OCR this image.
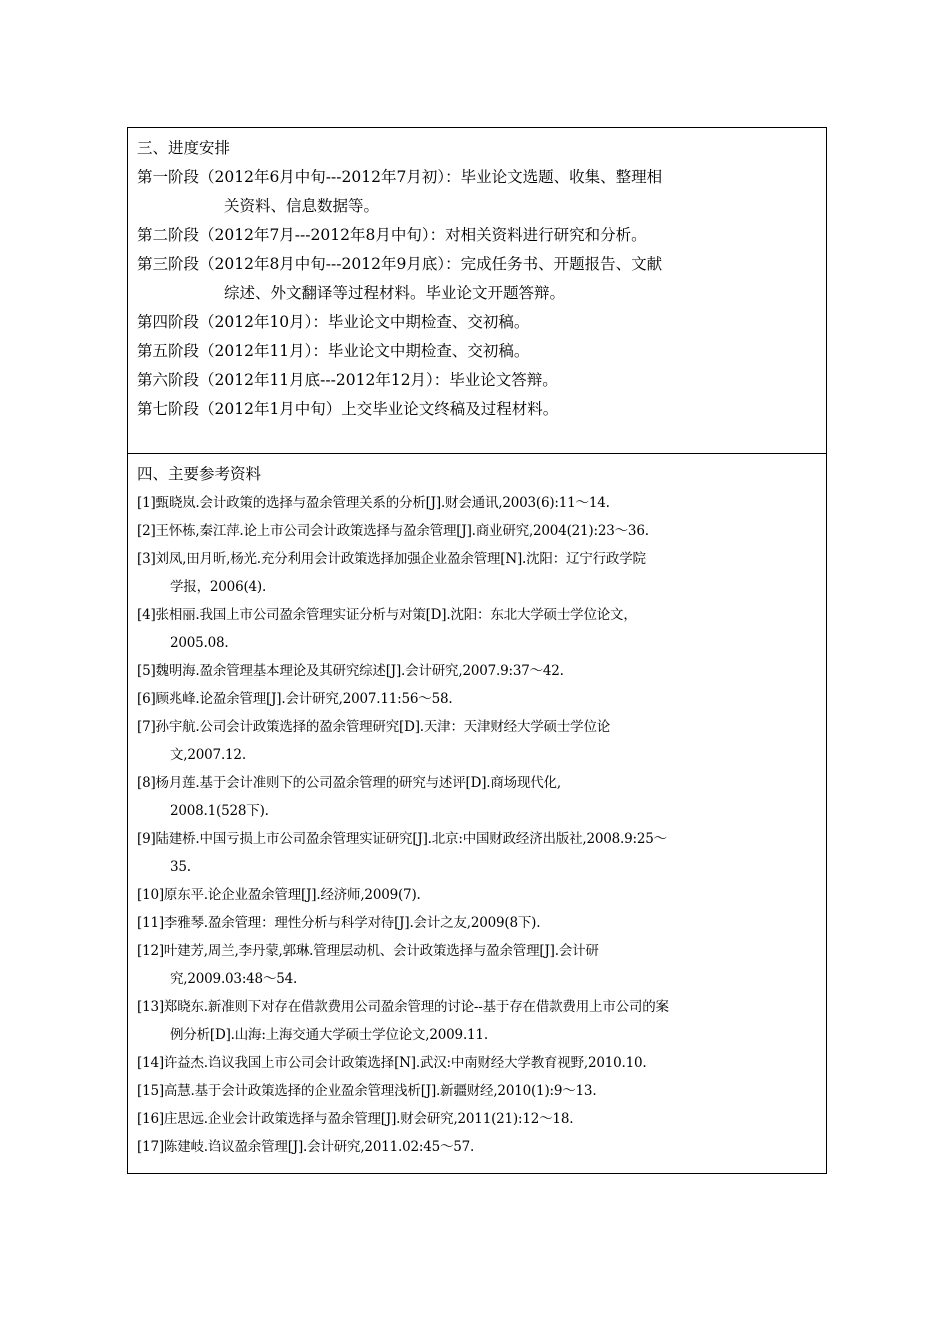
三、进度安排
第一阶段（2012年6月中旬---2012年7月初）：毕业论文选题、收集、整理相
关资料、信息数据等。
第二阶段（2012年7月---2012年8月中旬）：对相关资料进行研究和分析。
第三阶段（2012年8月中旬---2012年9月底）：完成任务书、开题报告、文献
综述、外文翻译等过程材料。毕业论文开题答辩。
第四阶段（2012年10月）：毕业论文中期检查、交初稿。
第五阶段（2012年11月）：毕业论文中期检查、交初稿。
第六阶段（2012年11月底---2012年12月）：毕业论文答辩。
第七阶段（2012年1月中旬）上交毕业论文终稿及过程材料。
四、主要参考资料
[1]甄晓岚.会计政策的选择与盈余管理关系的分析[J].财会通讯,2003(6):11～14.
[2]王怀栋,秦江萍.论上市公司会计政策选择与盈余管理[J].商业研究,2004(21):23～36.
[3]刘凤,田月昕,杨光.充分利用会计政策选择加强企业盈余管理[N].沈阳：辽宁行政学院
学报，2006(4).
[4]张相丽.我国上市公司盈余管理实证分析与对策[D].沈阳：东北大学硕士学位论文，
2005.08.
[5]魏明海.盈余管理基本理论及其研究综述[J].会计研究,2007.9:37～42.
[6]顾兆峰.论盈余管理[J].会计研究,2007.11:56～58.
[7]孙宇航.公司会计政策选择的盈余管理研究[D].天津：天津财经大学硕士学位论
文,2007.12.
[8]杨月莲.基于会计准则下的公司盈余管理的研究与述评[D].商场现代化,
2008.1(528下).
[9]陆建桥.中国亏损上市公司盈余管理实证研究[J].北京:中国财政经济出版社,2008.9:25～
35.
[10]原东平.论企业盈余管理[J].经济师,2009(7).
[11]李雅琴.盈余管理：理性分析与科学对待[J].会计之友,2009(8下).
[12]叶建芳,周兰,李丹蒙,郭琳.管理层动机、会计政策选择与盈余管理[J].会计研
究,2009.03:48～54.
[13]郑晓东.新准则下对存在借款费用公司盈余管理的讨论--基于存在借款费用上市公司的案
例分析[D].山海:上海交通大学硕士学位论文,2009.11.
[14]许益杰.诌议我国上市公司会计政策选择[N].武汉:中南财经大学教育视野,2010.10.
[15]高慧.基于会计政策选择的企业盈余管理浅析[J].新疆财经,2010(1):9～13.
[16]庄思远.企业会计政策选择与盈余管理[J].财会研究,2011(21):12～18.
[17]陈建岐.诌议盈余管理[J].会计研究,2011.02:45～57.
